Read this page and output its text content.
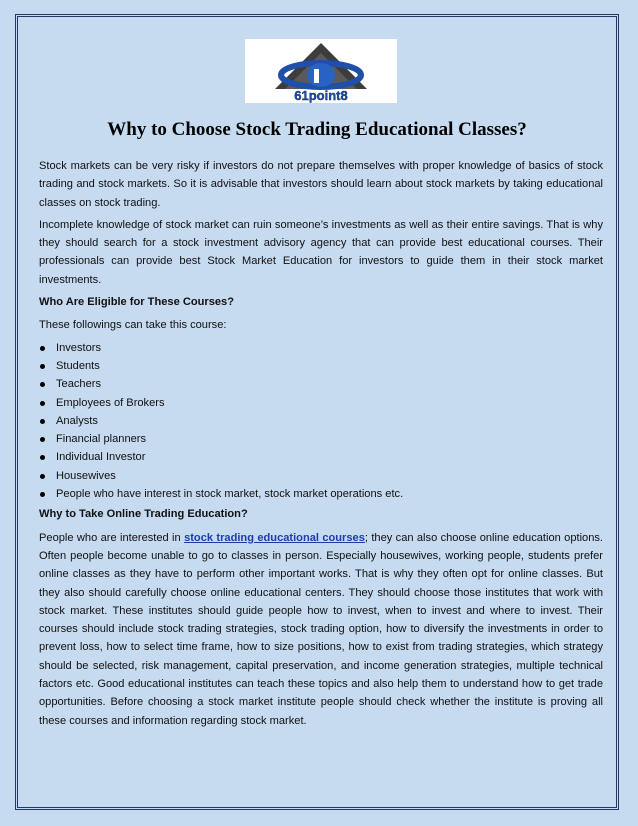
61point8
Why to Choose Stock Trading Educational Classes?

Stock markets can be very risky if investors do not prepare themselves with proper knowledge of basics of stock trading and stock markets. So it is advisable that investors should learn about stock markets by taking educational classes on stock trading.

Incomplete knowledge of stock market can ruin someone’s investments as well as their entire savings. That is why they should search for a stock investment advisory agency that can provide best educational courses. Their professionals can provide best Stock Market Education for investors to guide them in their stock market investments.

Who Are Eligible for These Courses?

These followings can take this course:

Investors
Students
Teachers
Employees of Brokers
Analysts
Financial planners
Individual Investor
Housewives
People who have interest in stock market, stock market operations etc.

Why to Take Online Trading Education?

People who are interested in stock trading educational courses; they can also choose online education options. Often people become unable to go to classes in person. Especially housewives, working people, students prefer online classes as they have to perform other important works. That is why they often opt for online classes. But they also should carefully choose online educational centers. They should choose those institutes that work with stock market. These institutes should guide people how to invest, when to invest and where to invest. Their courses should include stock trading strategies, stock trading option, how to diversify the investments in order to prevent loss, how to select time frame, how to size positions, how to exist from trading strategies, which strategy should be selected, risk management, capital preservation, and income generation strategies, multiple technical factors etc. Good educational institutes can teach these topics and also help them to understand how to get trade opportunities. Before choosing a stock market institute people should check whether the institute is proving all these courses and information regarding stock market.
